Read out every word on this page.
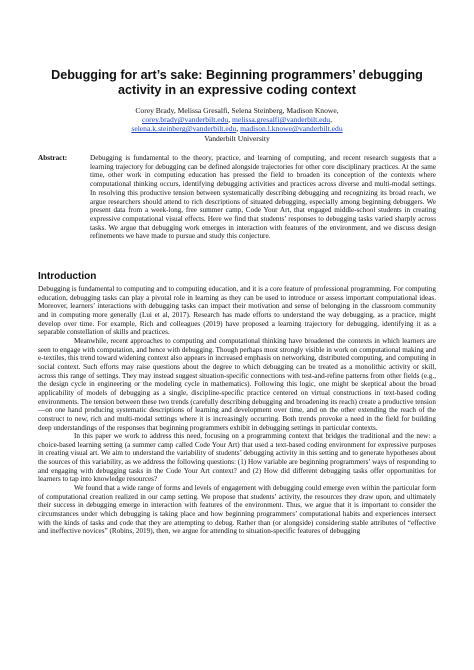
Debugging for art’s sake: Beginning programmers’ debugging activity in an expressive coding context
Corey Brady, Melissa Gresalfi, Selena Steinberg, Madison Knowe,
corey.brady@vanderbilt.edu, melissa.gresalfi@vanderbilt.edu,
selena.k.steinberg@vanderbilt.edu, madison.l.knowe@vanderbilt.edu
Vanderbilt University
Abstract:	Debugging is fundamental to the theory, practice, and learning of computing, and recent research suggests that a learning trajectory for debugging can be defined alongside trajectories for other core disciplinary practices. At the same time, other work in computing education has pressed the field to broaden its conception of the contexts where computational thinking occurs, identifying debugging activities and practices across diverse and multi-modal settings. In resolving this productive tension between systematically describing debugging and recognizing its broad reach, we argue researchers should attend to rich descriptions of situated debugging, especially among beginning debuggers. We present data from a week-long, free summer camp, Code Your Art, that engaged middle-school students in creating expressive computational visual effects. Here we find that students’ responses to debugging tasks varied sharply across tasks. We argue that debugging work emerges in interaction with features of the environment, and we discuss design refinements we have made to pursue and study this conjecture.
Introduction

Debugging is fundamental to computing and to computing education, and it is a core feature of professional programming. For computing education, debugging tasks can play a pivotal role in learning as they can be used to introduce or assess important computational ideas. Moreover, learners’ interactions with debugging tasks can impact their motivation and sense of belonging in the classroom community and in computing more generally (Lui et al, 2017). Research has made efforts to understand the way debugging, as a practice, might develop over time. For example, Rich and colleagues (2019) have proposed a learning trajectory for debugging, identifying it as a separable constellation of skills and practices.

Meanwhile, recent approaches to computing and computational thinking have broadened the contexts in which learners are seen to engage with computation, and hence with debugging. Though perhaps most strongly visible in work on computational making and e-textiles, this trend toward widening context also appears in increased emphasis on networking, distributed computing, and computing in social context. Such efforts may raise questions about the degree to which debugging can be treated as a monolithic activity or skill, across this range of settings. They may instead suggest situation-specific connections with test-and-refine patterns from other fields (e.g., the design cycle in engineering or the modeling cycle in mathematics). Following this logic, one might be skeptical about the broad applicability of models of debugging as a single, discipline-specific practice centered on virtual constructions in text-based coding environments. The tension between these two trends (carefully describing debugging and broadening its reach) create a productive tension—on one hand producing systematic descriptions of learning and development over time, and on the other extending the reach of the construct to new, rich and multi-modal settings where it is increasingly occurring. Both trends provoke a need in the field for building deep understandings of the responses that beginning programmers exhibit in debugging settings in particular contexts.

In this paper we work to address this need, focusing on a programming context that bridges the traditional and the new: a choice-based learning setting (a summer camp called Code Your Art) that used a text-based coding environment for expressive purposes in creating visual art. We aim to understand the variability of students’ debugging activity in this setting and to generate hypotheses about the sources of this variability, as we address the following questions: (1) How variable are beginning programmers’ ways of responding to and engaging with debugging tasks in the Code Your Art context? and (2) How did different debugging tasks offer opportunities for learners to tap into knowledge resources?

We found that a wide range of forms and levels of engagement with debugging could emerge even within the particular form of computational creation realized in our camp setting. We propose that students’ activity, the resources they draw upon, and ultimately their success in debugging emerge in interaction with features of the environment. Thus, we argue that it is important to consider the circumstances under which debugging is taking place and how beginning programmers’ computational habits and experiences intersect with the kinds of tasks and code that they are attempting to debug. Rather than (or alongside) considering stable attributes of “effective and ineffective novices” (Robins, 2019), then, we argue for attending to situation-specific features of debugging
